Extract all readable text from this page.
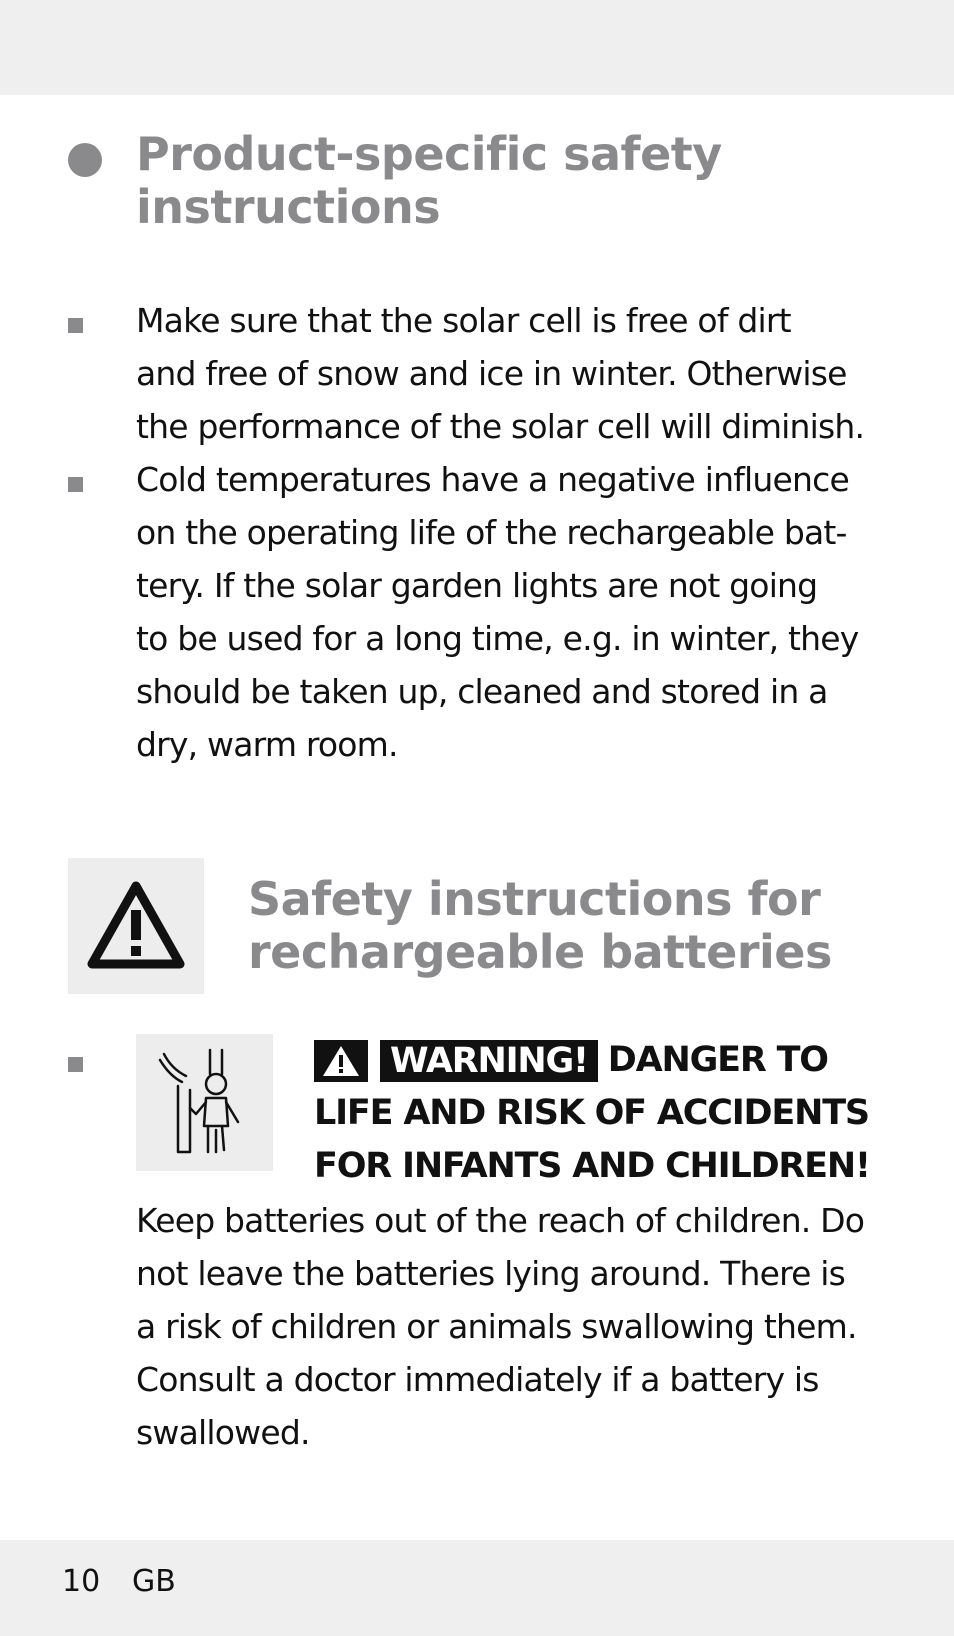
Product-specific safety
instructions

Make sure that the solar cell is free of dirt
and free of snow and ice in winter. Otherwise
the performance of the solar cell will diminish.

Cold temperatures have a negative influence
on the operating life of the rechargeable bat-
tery. If the solar garden lights are not going
to be used for a long time, e.g. in winter, they
should be taken up, cleaned and stored in a
dry, warm room.

Safety instructions for
rechargeable batteries
WARNING! DANGER TO
LIFE AND RISK OF ACCIDENTS
FOR INFANTS AND CHILDREN!

Keep batteries out of the reach of children. Do
not leave the batteries lying around. There is
a risk of children or animals swallowing them.
Consult a doctor immediately if a battery is
swallowed.

10 GB
